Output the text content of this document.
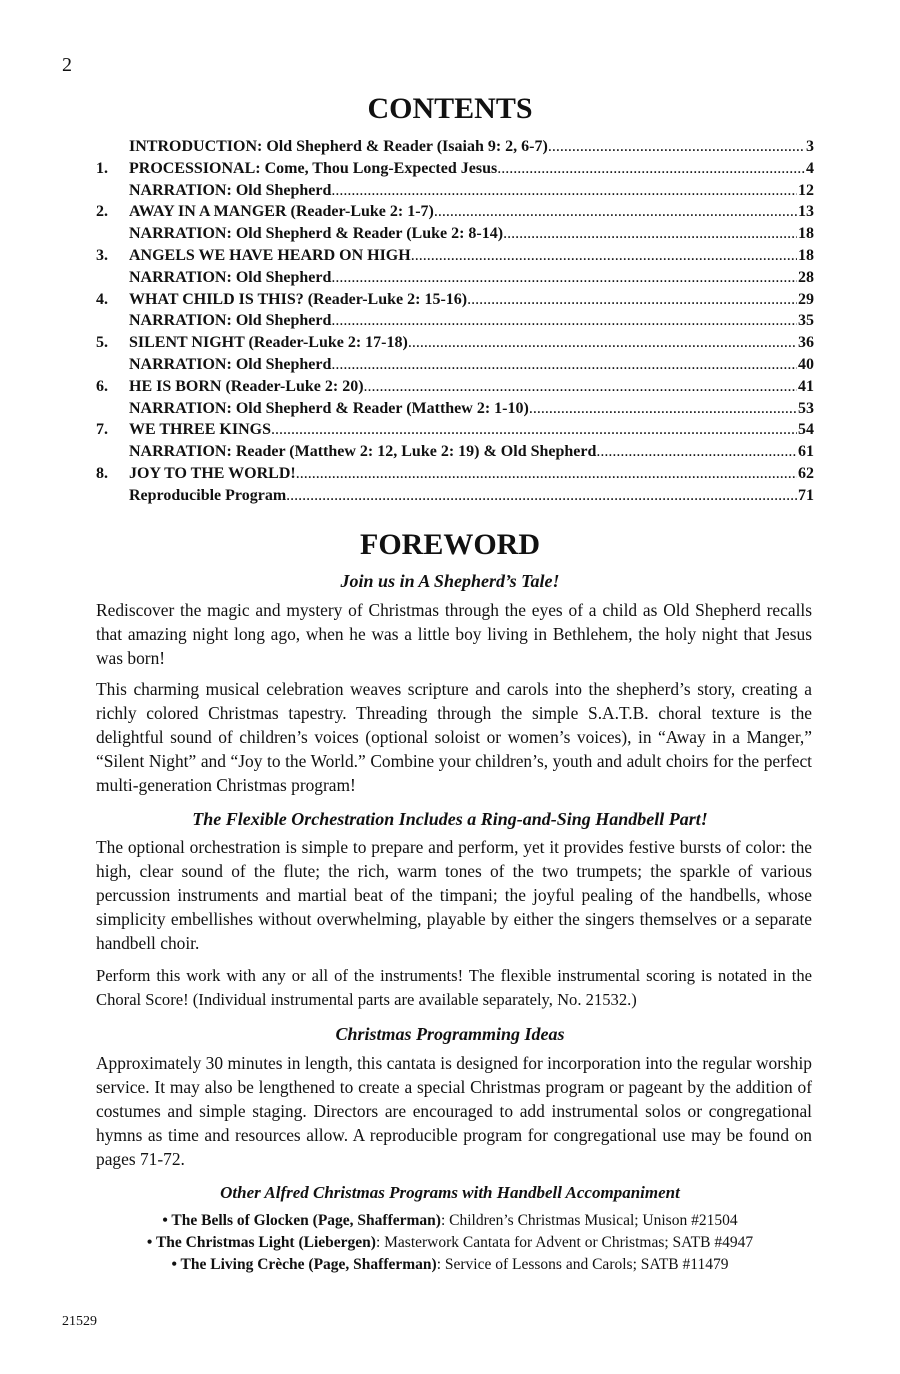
2
CONTENTS
INTRODUCTION: Old Shepherd & Reader (Isaiah 9: 2, 6-7) .....	3
1.	PROCESSIONAL: Come, Thou Long-Expected Jesus .....	4
NARRATION: Old Shepherd .....	12
2.	AWAY IN A MANGER (Reader-Luke 2: 1-7) .....	13
NARRATION: Old Shepherd & Reader (Luke 2: 8-14) .....	18
3.	ANGELS WE HAVE HEARD ON HIGH .....	18
NARRATION: Old Shepherd .....	28
4.	WHAT CHILD IS THIS? (Reader-Luke 2: 15-16) .....	29
NARRATION: Old Shepherd .....	35
5.	SILENT NIGHT (Reader-Luke 2: 17-18) .....	36
NARRATION: Old Shepherd .....	40
6.	HE IS BORN (Reader-Luke 2: 20) .....	41
NARRATION: Old Shepherd & Reader (Matthew 2: 1-10) .....	53
7.	WE THREE KINGS .....	54
NARRATION: Reader (Matthew 2: 12, Luke 2: 19) & Old Shepherd .....	61
8.	JOY TO THE WORLD! .....	62
Reproducible Program .....	71
FOREWORD
Join us in A Shepherd’s Tale!
Rediscover the magic and mystery of Christmas through the eyes of a child as Old Shepherd recalls that amazing night long ago, when he was a little boy living in Bethlehem, the holy night that Jesus was born!
This charming musical celebration weaves scripture and carols into the shepherd’s story, creating a richly colored Christmas tapestry. Threading through the simple S.A.T.B. choral texture is the delightful sound of children’s voices (optional soloist or women’s voices), in “Away in a Manger,” “Silent Night” and “Joy to the World.” Combine your children’s, youth and adult choirs for the perfect multi-generation Christmas program!
The Flexible Orchestration Includes a Ring-and-Sing Handbell Part!
The optional orchestration is simple to prepare and perform, yet it provides festive bursts of color: the high, clear sound of the flute; the rich, warm tones of the two trumpets; the sparkle of various percussion instruments and martial beat of the timpani; the joyful pealing of the handbells, whose simplicity embellishes without overwhelming, playable by either the singers themselves or a separate handbell choir.
Perform this work with any or all of the instruments! The flexible instrumental scoring is notated in the Choral Score! (Individual instrumental parts are available separately, No. 21532.)
Christmas Programming Ideas
Approximately 30 minutes in length, this cantata is designed for incorporation into the regular worship service. It may also be lengthened to create a special Christmas program or pageant by the addition of costumes and simple staging. Directors are encouraged to add instrumental solos or congregational hymns as time and resources allow. A reproducible program for congregational use may be found on pages 71-72.
Other Alfred Christmas Programs with Handbell Accompaniment
• The Bells of Glocken (Page, Shafferman): Children’s Christmas Musical; Unison #21504
• The Christmas Light (Liebergen): Masterwork Cantata for Advent or Christmas; SATB #4947
• The Living Crèche (Page, Shafferman): Service of Lessons and Carols; SATB #11479
21529
